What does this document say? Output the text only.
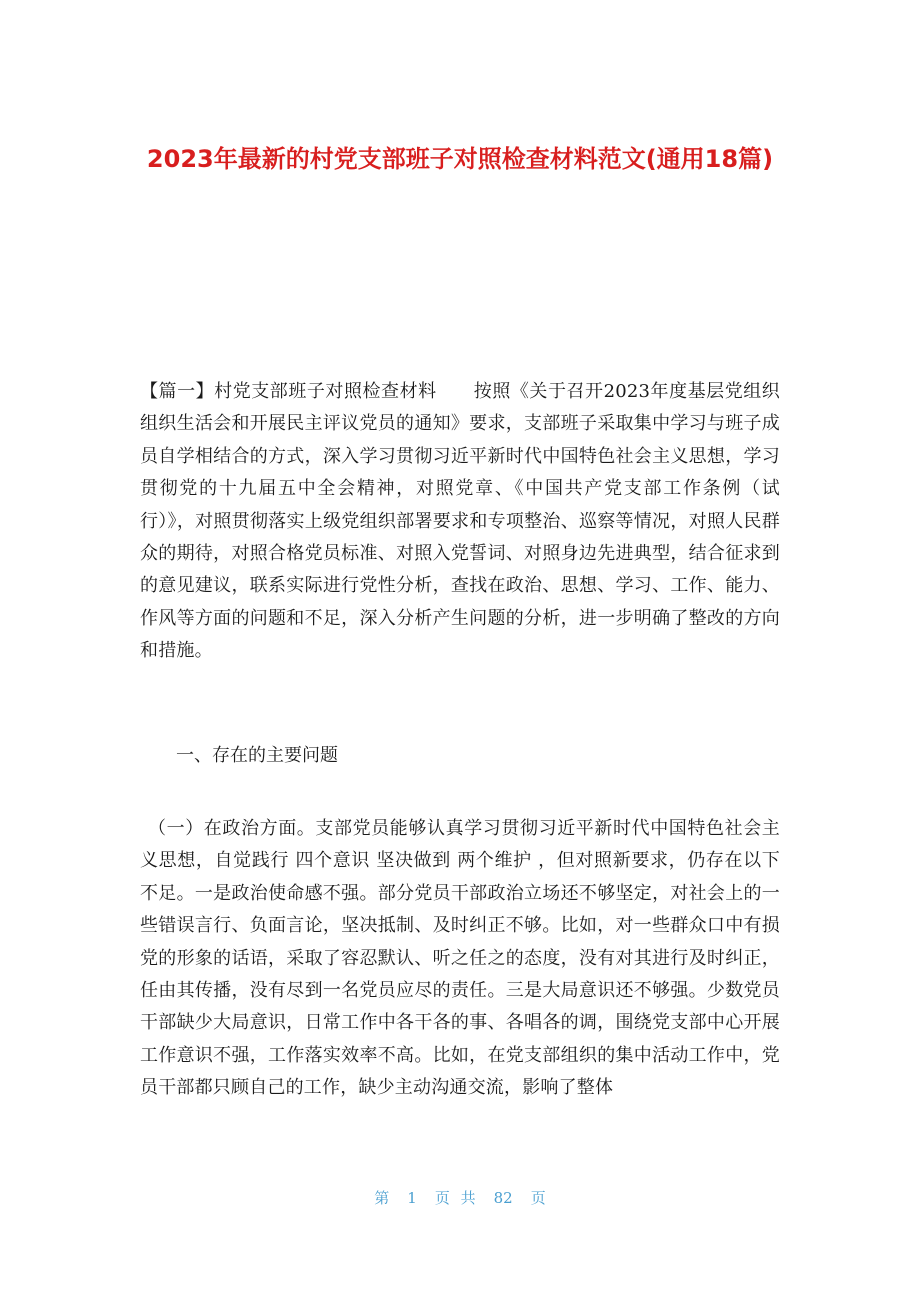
2023年最新的村党支部班子对照检查材料范文(通用18篇)

【篇一】村党支部班子对照检查材料　　按照《关于召开2023年度基层党组织组织生活会和开展民主评议党员的通知》要求，支部班子采取集中学习与班子成员自学相结合的方式，深入学习贯彻习近平新时代中国特色社会主义思想，学习贯彻党的十九届五中全会精神，对照党章、《中国共产党支部工作条例（试行）》，对照贯彻落实上级党组织部署要求和专项整治、巡察等情况，对照人民群众的期待，对照合格党员标准、对照入党誓词、对照身边先进典型，结合征求到的意见建议，联系实际进行党性分析，查找在政治、思想、学习、工作、能力、作风等方面的问题和不足，深入分析产生问题的分析，进一步明确了整改的方向和措施。

一、存在的主要问题

（一）在政治方面。支部党员能够认真学习贯彻习近平新时代中国特色社会主义思想，自觉践行 四个意识 坚决做到 两个维护 ，但对照新要求，仍存在以下不足。一是政治使命感不强。部分党员干部政治立场还不够坚定，对社会上的一些错误言行、负面言论，坚决抵制、及时纠正不够。比如，对一些群众口中有损党的形象的话语，采取了容忍默认、听之任之的态度，没有对其进行及时纠正，任由其传播，没有尽到一名党员应尽的责任。三是大局意识还不够强。少数党员干部缺少大局意识，日常工作中各干各的事、各唱各的调，围绕党支部中心开展工作意识不强，工作落实效率不高。比如，在党支部组织的集中活动工作中，党员干部都只顾自己的工作，缺少主动沟通交流，影响了整体

第 1 页 共 82 页
